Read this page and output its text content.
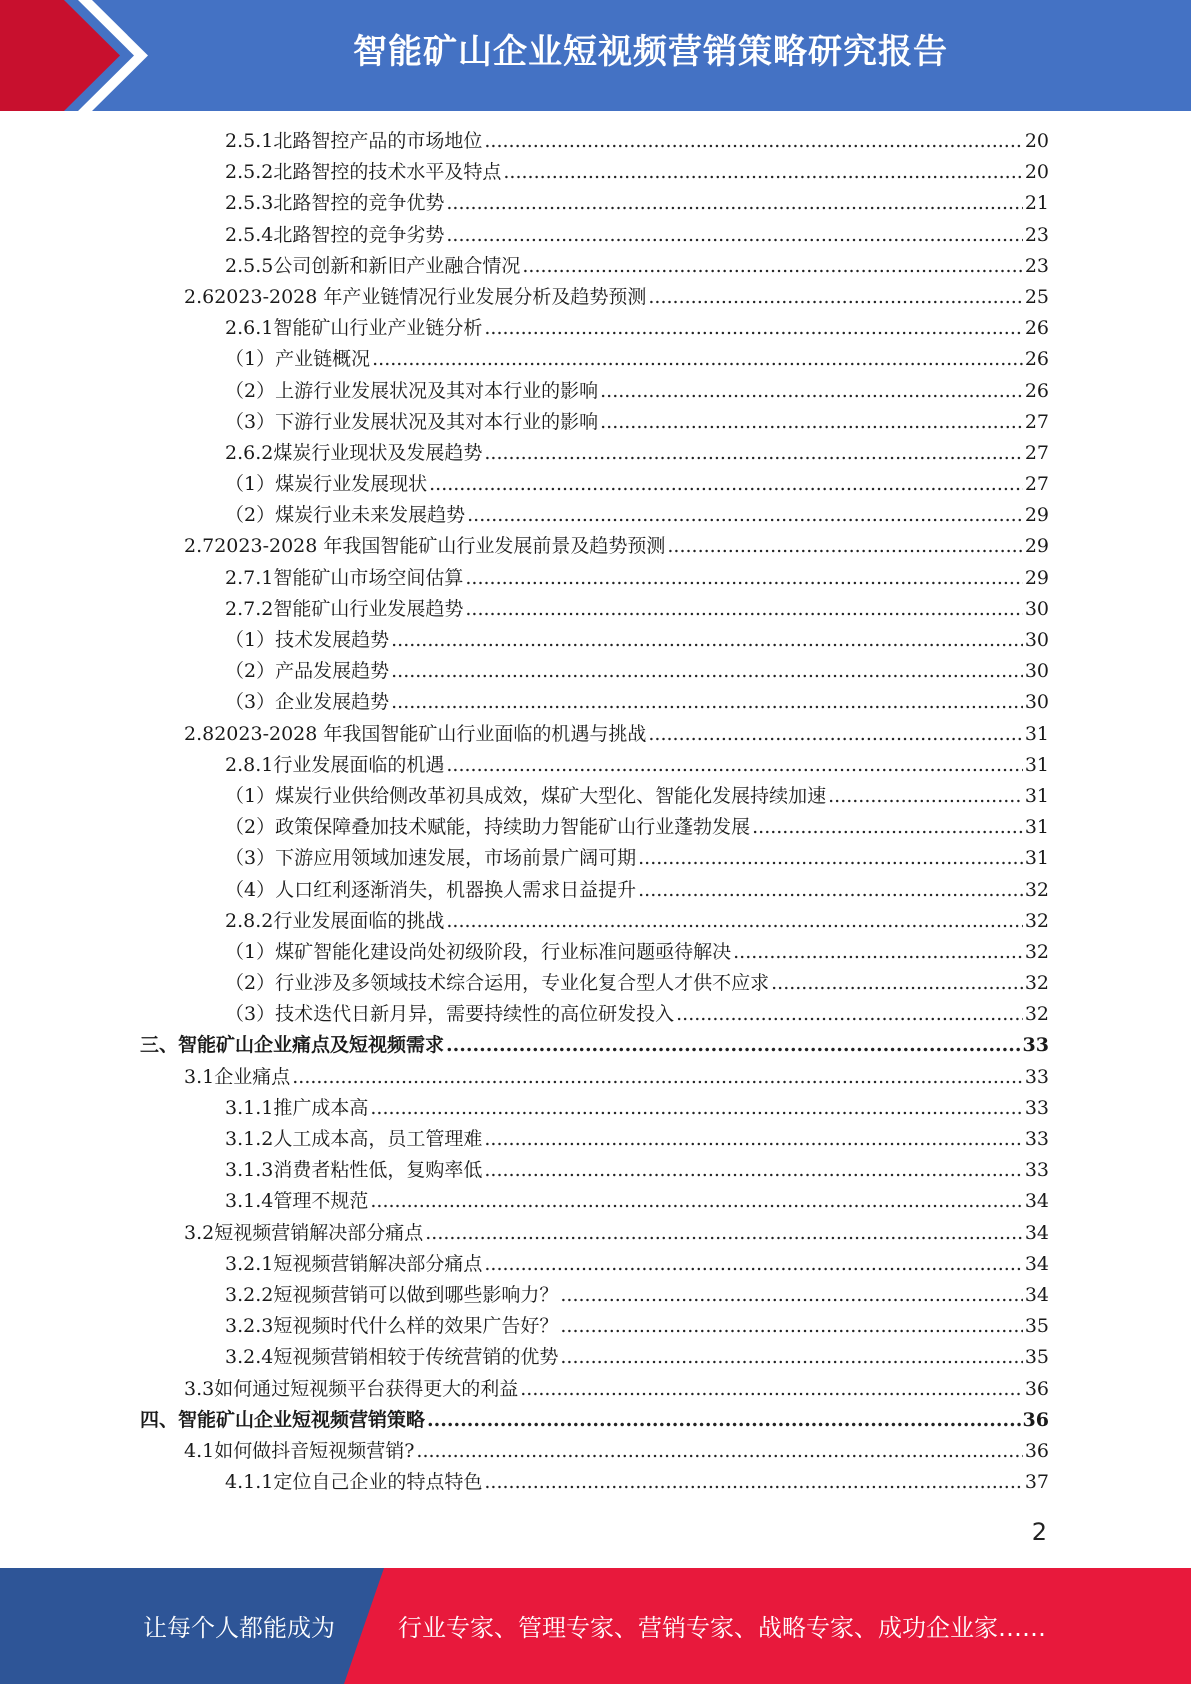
智能矿山企业短视频营销策略研究报告
2.5.1 北路智控产品的市场地位 .....	20
2.5.2 北路智控的技术水平及特点 .....	20
2.5.3 北路智控的竞争优势 .....	21
2.5.4 北路智控的竞争劣势 .....	23
2.5.5 公司创新和新旧产业融合情况 .....	23
2.6 2023-2028 年产业链情况行业发展分析及趋势预测 .....	25
2.6.1 智能矿山行业产业链分析 .....	26
（1） 产业链概况 .....	26
（2） 上游行业发展状况及其对本行业的影响 .....	26
（3） 下游行业发展状况及其对本行业的影响 .....	27
2.6.2 煤炭行业现状及发展趋势 .....	27
（1） 煤炭行业发展现状 .....	27
（2） 煤炭行业未来发展趋势 .....	29
2.7 2023-2028 年我国智能矿山行业发展前景及趋势预测 .....	29
2.7.1 智能矿山市场空间估算 .....	29
2.7.2 智能矿山行业发展趋势 .....	30
（1） 技术发展趋势 .....	30
（2） 产品发展趋势 .....	30
（3） 企业发展趋势 .....	30
2.8 2023-2028 年我国智能矿山行业面临的机遇与挑战 .....	31
2.8.1 行业发展面临的机遇 .....	31
（1） 煤炭行业供给侧改革初具成效，煤矿大型化、智能化发展持续加速 .....	31
（2） 政策保障叠加技术赋能，持续助力智能矿山行业蓬勃发展 .....	31
（3） 下游应用领域加速发展，市场前景广阔可期 .....	31
（4） 人口红利逐渐消失，机器换人需求日益提升 .....	32
2.8.2 行业发展面临的挑战 .....	32
（1） 煤矿智能化建设尚处初级阶段，行业标准问题亟待解决 .....	32
（2） 行业涉及多领域技术综合运用，专业化复合型人才供不应求 .....	32
（3） 技术迭代日新月异，需要持续性的高位研发投入 .....	32
三、 智能矿山企业痛点及短视频需求 .....	33
3.1 企业痛点 .....	33
3.1.1 推广成本高 .....	33
3.1.2 人工成本高，员工管理难 .....	33
3.1.3 消费者粘性低，复购率低 .....	33
3.1.4 管理不规范 .....	34
3.2 短视频营销解决部分痛点 .....	34
3.2.1 短视频营销解决部分痛点 .....	34
3.2.2 短视频营销可以做到哪些影响力？ .....	34
3.2.3 短视频时代什么样的效果广告好？ .....	35
3.2.4 短视频营销相较于传统营销的优势 .....	35
3.3 如何通过短视频平台获得更大的利益 .....	36
四、 智能矿山企业短视频营销策略 .....	36
4.1 如何做抖音短视频营销? .....	36
4.1.1 定位自己企业的特点特色 .....	37
2
让每个人都能成为	行业专家、管理专家、营销专家、战略专家、成功企业家……
